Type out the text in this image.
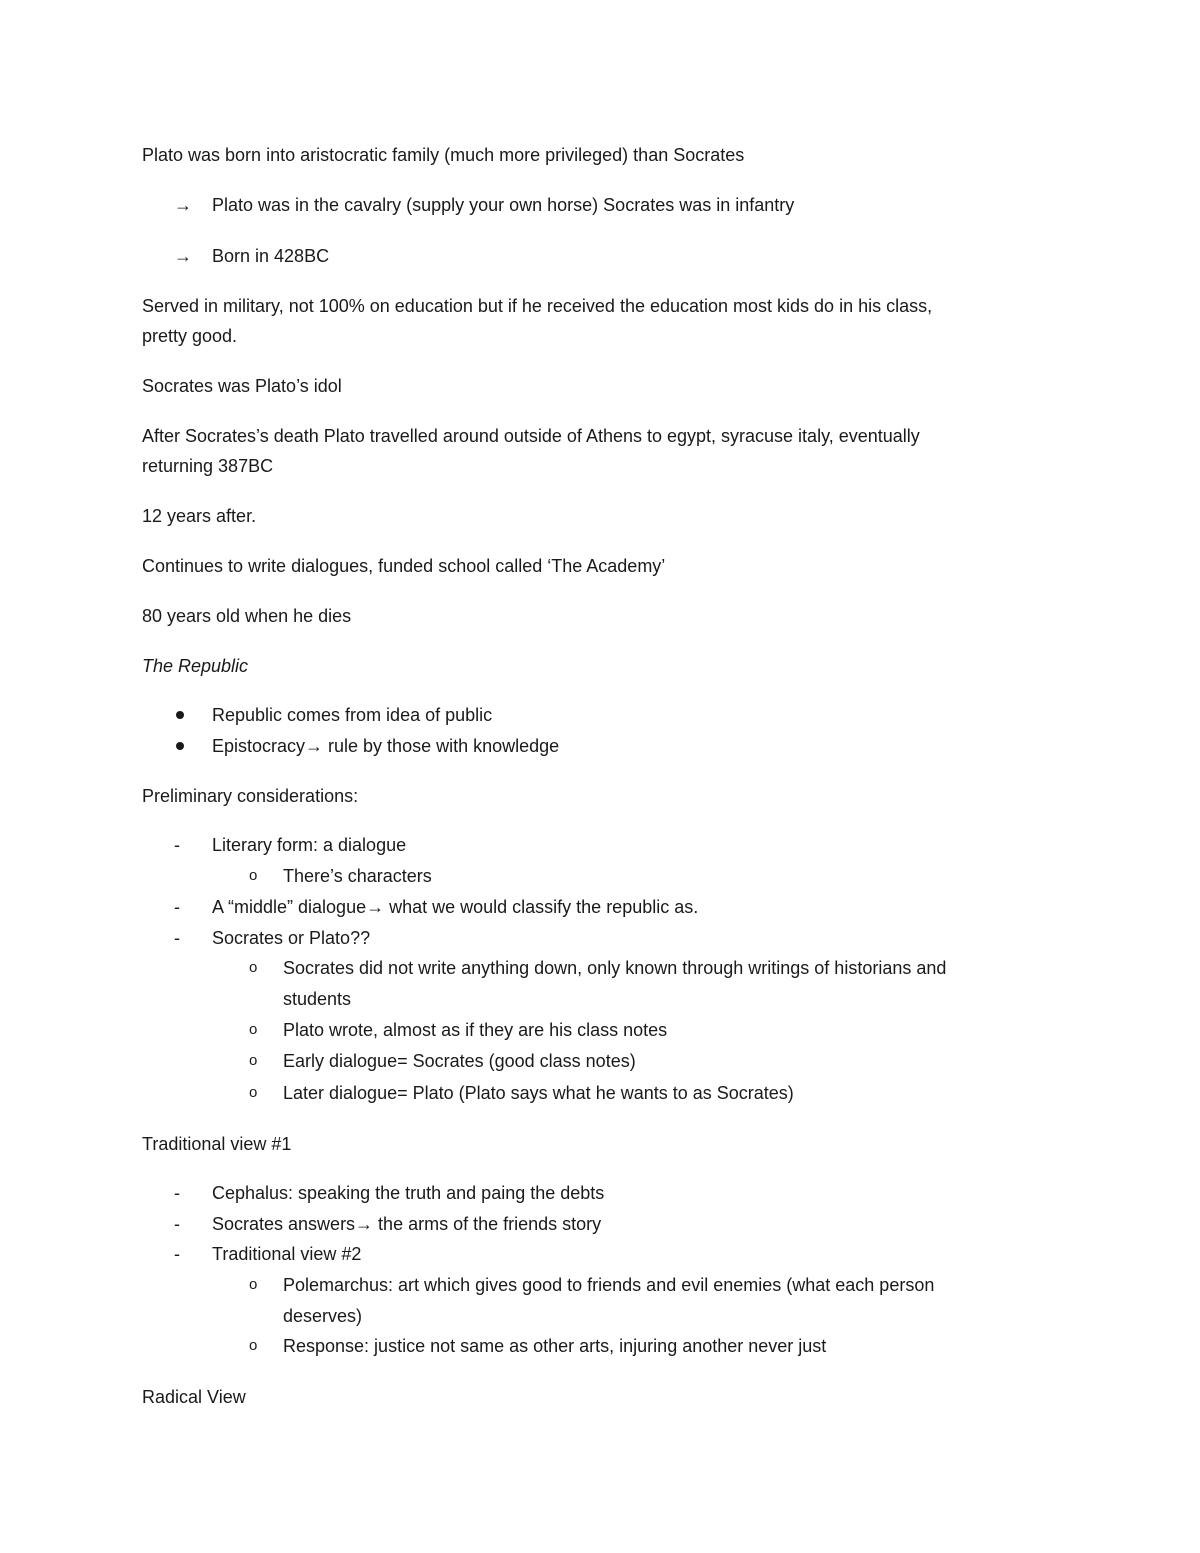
Plato was born into aristocratic family (much more privileged) than Socrates
→ Plato was in the cavalry (supply your own horse) Socrates was in infantry
→ Born in 428BC
Served in military, not 100% on education but if he received the education most kids do in his class,
pretty good.
Socrates was Plato’s idol
After Socrates’s death Plato travelled around outside of Athens to egypt, syracuse italy, eventually
returning 387BC
12 years after.
Continues to write dialogues, funded school called ‘The Academy’
80 years old when he dies
The Republic
Republic comes from idea of public
Epistocracy→ rule by those with knowledge
Preliminary considerations:
- Literary form: a dialogue
o There’s characters
- A “middle” dialogue→ what we would classify the republic as.
- Socrates or Plato??
o Socrates did not write anything down, only known through writings of historians and
students
o Plato wrote, almost as if they are his class notes
o Early dialogue= Socrates (good class notes)
o Later dialogue= Plato (Plato says what he wants to as Socrates)
Traditional view #1
- Cephalus: speaking the truth and paing the debts
- Socrates answers→ the arms of the friends story
- Traditional view #2
o Polemarchus: art which gives good to friends and evil enemies (what each person
deserves)
o Response: justice not same as other arts, injuring another never just
Radical View
